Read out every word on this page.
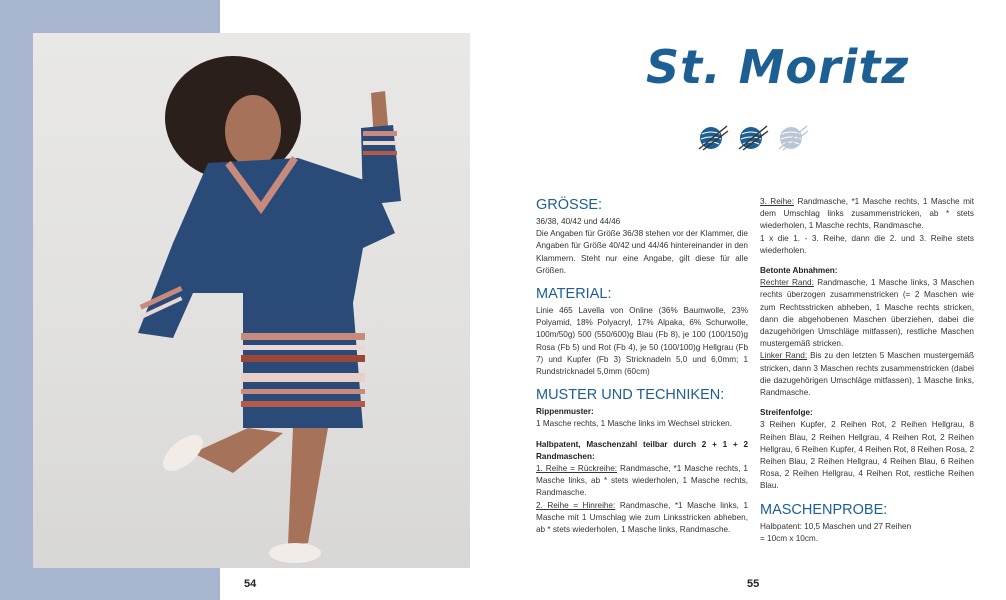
54	55
St. Moritz
GRÖSSE:

36/38, 40/42 und 44/46

Die Angaben für Größe 36/38 stehen vor der Klammer, die Angaben für Größe 40/42 und 44/46 hintereinander in den Klammern. Steht nur eine Angabe, gilt diese für alle Größen.

MATERIAL:

Linie 465 Lavella von Online (36% Baumwolle, 23% Polyamid, 18% Polyacryl, 17% Alpaka, 6% Schurwolle, 100m/50g) 500 (550/600)g Blau (Fb 8), je 100 (100/150)g Rosa (Fb 5) und Rot (Fb 4), je 50 (100/100)g Hellgrau (Fb 7) und Kupfer (Fb 3) Stricknadeln 5,0 und 6,0mm; 1 Rundstricknadel 5,0mm (60cm)

MUSTER UND TECHNIKEN:

Rippenmuster:

1 Masche rechts, 1 Masche links im Wechsel stricken.

Halbpatent, Maschenzahl teilbar durch 2 + 1 + 2 Randmaschen:

1. Reihe = Rückreihe: Randmasche, *1 Masche rechts, 1 Masche links, ab * stets wiederholen, 1 Masche rechts, Randmasche.

2. Reihe = Hinreihe: Randmasche, *1 Masche links, 1 Masche mit 1 Umschlag wie zum Linksstricken abheben, ab * stets wiederholen, 1 Masche links, Randmasche.

3. Reihe: Randmasche, *1 Masche rechts, 1 Masche mit dem Umschlag links zusammenstricken, ab * stets wiederholen, 1 Masche rechts, Randmasche.

1 x die 1. - 3. Reihe, dann die 2. und 3. Reihe stets wiederholen.

Betonte Abnahmen:

Rechter Rand: Randmasche, 1 Masche links, 3 Maschen rechts überzogen zusammenstricken (= 2 Maschen wie zum Rechtsstricken abheben, 1 Masche rechts stricken, dann die abgehobenen Maschen überziehen, dabei die dazugehörigen Umschläge mitfassen), restliche Maschen mustergemäß stricken.

Linker Rand: Bis zu den letzten 5 Maschen mustergemäß stricken, dann 3 Maschen rechts zusammenstricken (dabei die dazugehörigen Umschläge mitfassen), 1 Masche links, Randmasche.

Streifenfolge:

3 Reihen Kupfer, 2 Reihen Rot, 2 Reihen Hellgrau, 8 Reihen Blau, 2 Reihen Hellgrau, 4 Reihen Rot, 2 Reihen Hellgrau, 6 Reihen Kupfer, 4 Reihen Rot, 8 Reihen Rosa, 2 Reihen Blau, 2 Reihen Hellgrau, 4 Reihen Blau, 6 Reihen Rosa, 2 Reihen Hellgrau, 4 Reihen Rot, restliche Reihen Blau.

MASCHENPROBE:

Halbpatent: 10,5 Maschen und 27 Reihen

= 10cm x 10cm.
